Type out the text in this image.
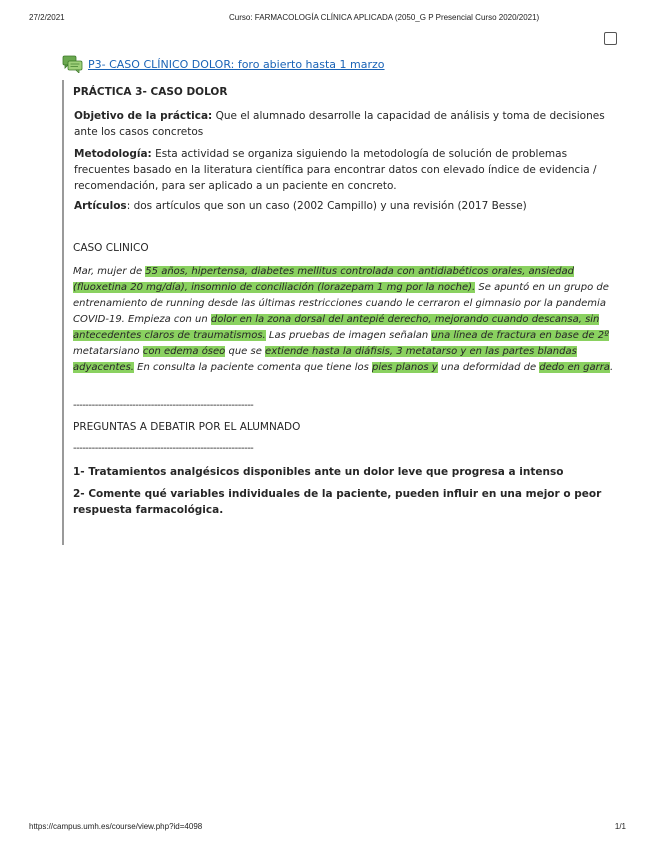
27/2/2021	Curso: FARMACOLOGÍA CLÍNICA APLICADA (2050_G P Presencial Curso 2020/2021)
P3- CASO CLÍNICO DOLOR: foro abierto hasta 1 marzo
PRÁCTICA 3- CASO DOLOR
Objetivo de la práctica: Que el alumnado desarrolle la capacidad de análisis y toma de decisiones ante los casos concretos
Metodología: Esta actividad se organiza siguiendo la metodología de solución de problemas frecuentes basado en la literatura científica para encontrar datos con elevado índice de evidencia / recomendación, para ser aplicado a un paciente en concreto.
Artículos: dos artículos que son un caso (2002 Campillo) y una revisión (2017 Besse)
CASO CLINICO
Mar, mujer de 55 años, hipertensa, diabetes mellitus controlada con antidiabéticos orales, ansiedad (fluoxetina 20 mg/día), insomnio de conciliación (lorazepam 1 mg por la noche). Se apuntó en un grupo de entrenamiento de running desde las últimas restricciones cuando le cerraron el gimnasio por la pandemia COVID-19. Empieza con un dolor en la zona dorsal del antepié derecho, mejorando cuando descansa, sin antecedentes claros de traumatismos. Las pruebas de imagen señalan una línea de fractura en base de 2º metatarsiano con edema óseo que se extiende hasta la diáfisis, 3 metatarso y en las partes blandas adyacentes. En consulta la paciente comenta que tiene los pies planos y una deformidad de dedo en garra.
----------------------------------------------------------
PREGUNTAS A DEBATIR POR EL ALUMNADO
----------------------------------------------------------
1- Tratamientos analgésicos disponibles ante un dolor leve que progresa a intenso
2- Comente qué variables individuales de la paciente, pueden influir en una mejor o peor respuesta farmacológica.
https://campus.umh.es/course/view.php?id=4098	1/1
